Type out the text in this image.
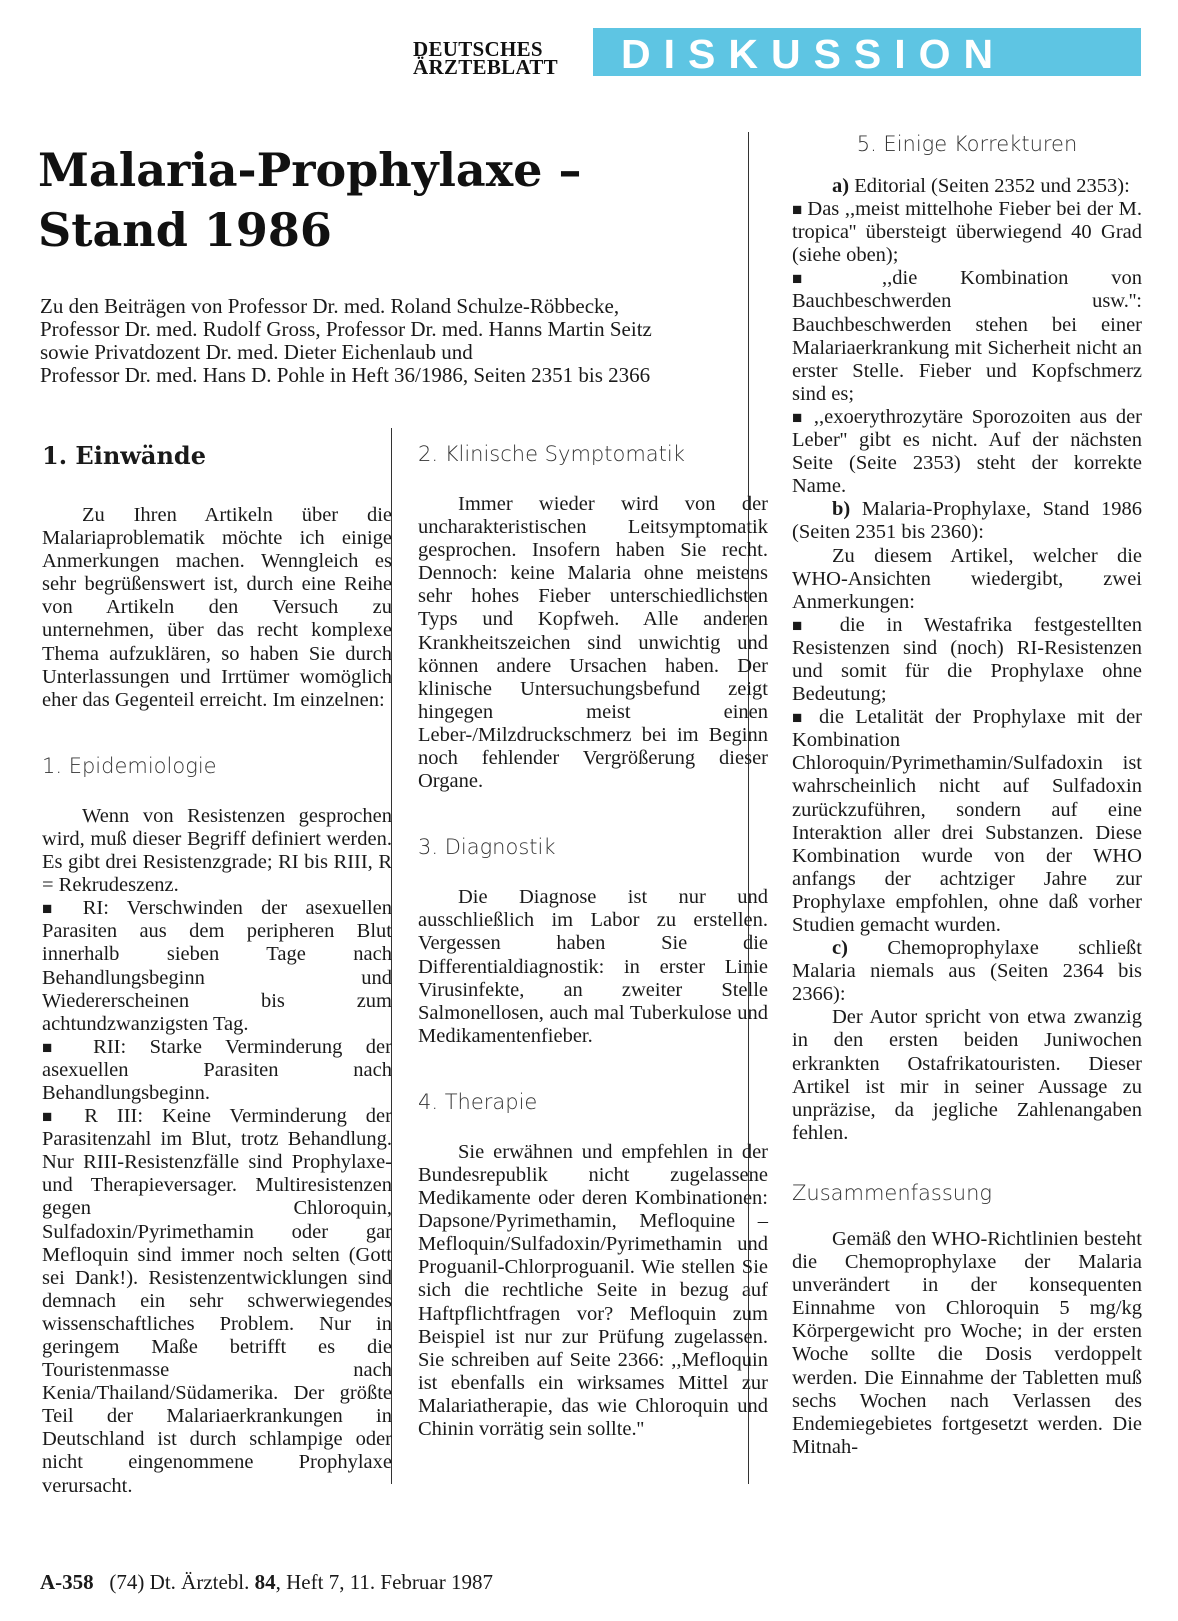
DEUTSCHES
ÄRZTEBLATT	DISKUSSION
Malaria-Prophylaxe –
Stand 1986
Zu den Beiträgen von Professor Dr. med. Roland Schulze-Röbbecke,
Professor Dr. med. Rudolf Gross, Professor Dr. med. Hanns Martin Seitz
sowie Privatdozent Dr. med. Dieter Eichenlaub und
Professor Dr. med. Hans D. Pohle in Heft 36/1986, Seiten 2351 bis 2366
1. Einwände

Zu Ihren Artikeln über die Malariaproblematik möchte ich einige Anmerkungen machen. Wenngleich es sehr begrüßenswert ist, durch eine Reihe von Artikeln den Versuch zu unternehmen, über das recht komplexe Thema aufzuklären, so haben Sie durch Unterlassungen und Irrtümer womöglich eher das Gegenteil erreicht. Im einzelnen:

1. Epidemiologie

Wenn von Resistenzen gesprochen wird, muß dieser Begriff definiert werden. Es gibt drei Resistenzgrade; RI bis RIII, R = Rekrudeszenz.

■ RI: Verschwinden der asexuellen Parasiten aus dem peripheren Blut innerhalb sieben Tage nach Behandlungsbeginn und Wiedererscheinen bis zum achtundzwanzigsten Tag.

■ RII: Starke Verminderung der asexuellen Parasiten nach Behandlungsbeginn.

■ R III: Keine Verminderung der Parasitenzahl im Blut, trotz Behandlung. Nur RIII-Resistenzfälle sind Prophylaxe- und Therapieversager. Multiresistenzen gegen Chloroquin, Sulfadoxin/Pyrimethamin oder gar Mefloquin sind immer noch selten (Gott sei Dank!). Resistenzentwicklungen sind demnach ein sehr schwerwiegendes wissenschaftliches Problem. Nur in geringem Maße betrifft es die Touristenmasse nach Kenia/Thailand/Südamerika. Der größte Teil der Malariaerkrankungen in Deutschland ist durch schlampige oder nicht eingenommene Prophylaxe verursacht.

2. Klinische Symptomatik

Immer wieder wird von der uncharakteristischen Leitsymptomatik gesprochen. Insofern haben Sie recht. Dennoch: keine Malaria ohne meistens sehr hohes Fieber unterschiedlichsten Typs und Kopfweh. Alle anderen Krankheitszeichen sind unwichtig und können andere Ursachen haben. Der klinische Untersuchungsbefund zeigt hingegen meist einen Leber-/Milzdruckschmerz bei im Beginn noch fehlender Vergrößerung dieser Organe.

3. Diagnostik

Die Diagnose ist nur und ausschließlich im Labor zu erstellen. Vergessen haben Sie die Differentialdiagnostik: in erster Linie Virusinfekte, an zweiter Stelle Salmonellosen, auch mal Tuberkulose und Medikamentenfieber.

4. Therapie

Sie erwähnen und empfehlen in der Bundesrepublik nicht zugelassene Medikamente oder deren Kombinationen: Dapsone/Pyrimethamin, Mefloquine – Mefloquin/Sulfadoxin/Pyrimethamin und Proguanil-Chlorproguanil. Wie stellen Sie sich die rechtliche Seite in bezug auf Haftpflichtfragen vor? Mefloquin zum Beispiel ist nur zur Prüfung zugelassen. Sie schreiben auf Seite 2366: ,,Mefloquin ist ebenfalls ein wirksames Mittel zur Malariatherapie, das wie Chloroquin und Chinin vorrätig sein sollte.''

5. Einige Korrekturen

a) Editorial (Seiten 2352 und 2353):

■ Das ,,meist mittelhohe Fieber bei der M. tropica'' übersteigt überwiegend 40 Grad (siehe oben);

■ ,,die Kombination von Bauchbeschwerden usw.'': Bauchbeschwerden stehen bei einer Malariaerkrankung mit Sicherheit nicht an erster Stelle. Fieber und Kopfschmerz sind es;

■ ,,exoerythrozytäre Sporozoiten aus der Leber'' gibt es nicht. Auf der nächsten Seite (Seite 2353) steht der korrekte Name.

b) Malaria-Prophylaxe, Stand 1986 (Seiten 2351 bis 2360):

Zu diesem Artikel, welcher die WHO-Ansichten wiedergibt, zwei Anmerkungen:

■ die in Westafrika festgestellten Resistenzen sind (noch) RI-Resistenzen und somit für die Prophylaxe ohne Bedeutung;

■ die Letalität der Prophylaxe mit der Kombination Chloroquin/Pyrimethamin/Sulfadoxin ist wahrscheinlich nicht auf Sulfadoxin zurückzuführen, sondern auf eine Interaktion aller drei Substanzen. Diese Kombination wurde von der WHO anfangs der achtziger Jahre zur Prophylaxe empfohlen, ohne daß vorher Studien gemacht wurden.

c) Chemoprophylaxe schließt Malaria niemals aus (Seiten 2364 bis 2366):

Der Autor spricht von etwa zwanzig in den ersten beiden Juniwochen erkrankten Ostafrikatouristen. Dieser Artikel ist mir in seiner Aussage zu unpräzise, da jegliche Zahlenangaben fehlen.

Zusammenfassung

Gemäß den WHO-Richtlinien besteht die Chemoprophylaxe der Malaria unverändert in der konsequenten Einnahme von Chloroquin 5 mg/kg Körpergewicht pro Woche; in der ersten Woche sollte die Dosis verdoppelt werden. Die Einnahme der Tabletten muß sechs Wochen nach Verlassen des Endemiegebietes fortgesetzt werden. Die Mitnah-

A-358 (74) Dt. Ärztebl. 84, Heft 7, 11. Februar 1987
